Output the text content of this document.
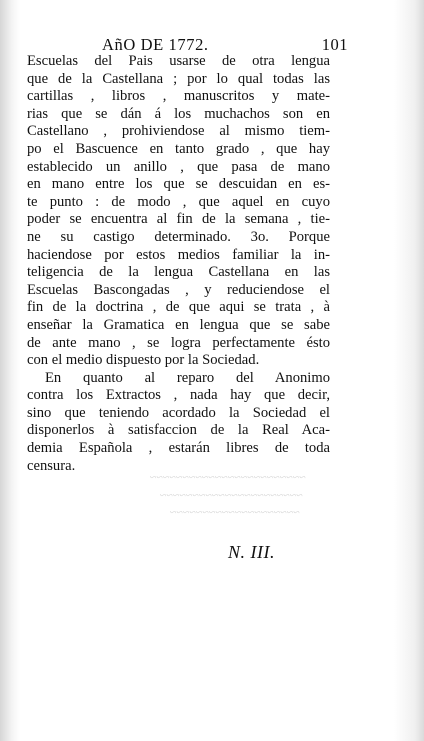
~~~~~~~~~~~~~~~~~~~~~~~~
~~~~~~~~~~~~~~~~~~~~~~
~~~~~~~~~~~~~~~~~~~~
AñO DE 1772.	101
Escuelas del Pais usarse de otra lengua
que de la Castellana ; por lo qual todas las
cartillas , libros , manuscritos y mate-
rias que se dán á los muchachos son en
Castellano , prohiviendose al mismo tiem-
po el Bascuence en tanto grado , que hay
establecido un anillo , que pasa de mano
en mano entre los que se descuidan en es-
te punto : de modo , que aquel en cuyo
poder se encuentra al fin de la semana , tie-
ne su castigo determinado. 3o. Porque
haciendose por estos medios familiar la in-
teligencia de la lengua Castellana en las
Escuelas Bascongadas , y reduciendose el
fin de la doctrina , de que aqui se trata , à
enseñar la Gramatica en lengua que se sabe
de ante mano , se logra perfectamente ésto
con el medio dispuesto por la Sociedad.
En quanto al reparo del Anonimo
contra los Extractos , nada hay que decir,
sino que teniendo acordado la Sociedad el
disponerlos à satisfaccion de la Real Aca-
demia Española , estarán libres de toda
censura.
N. III.
